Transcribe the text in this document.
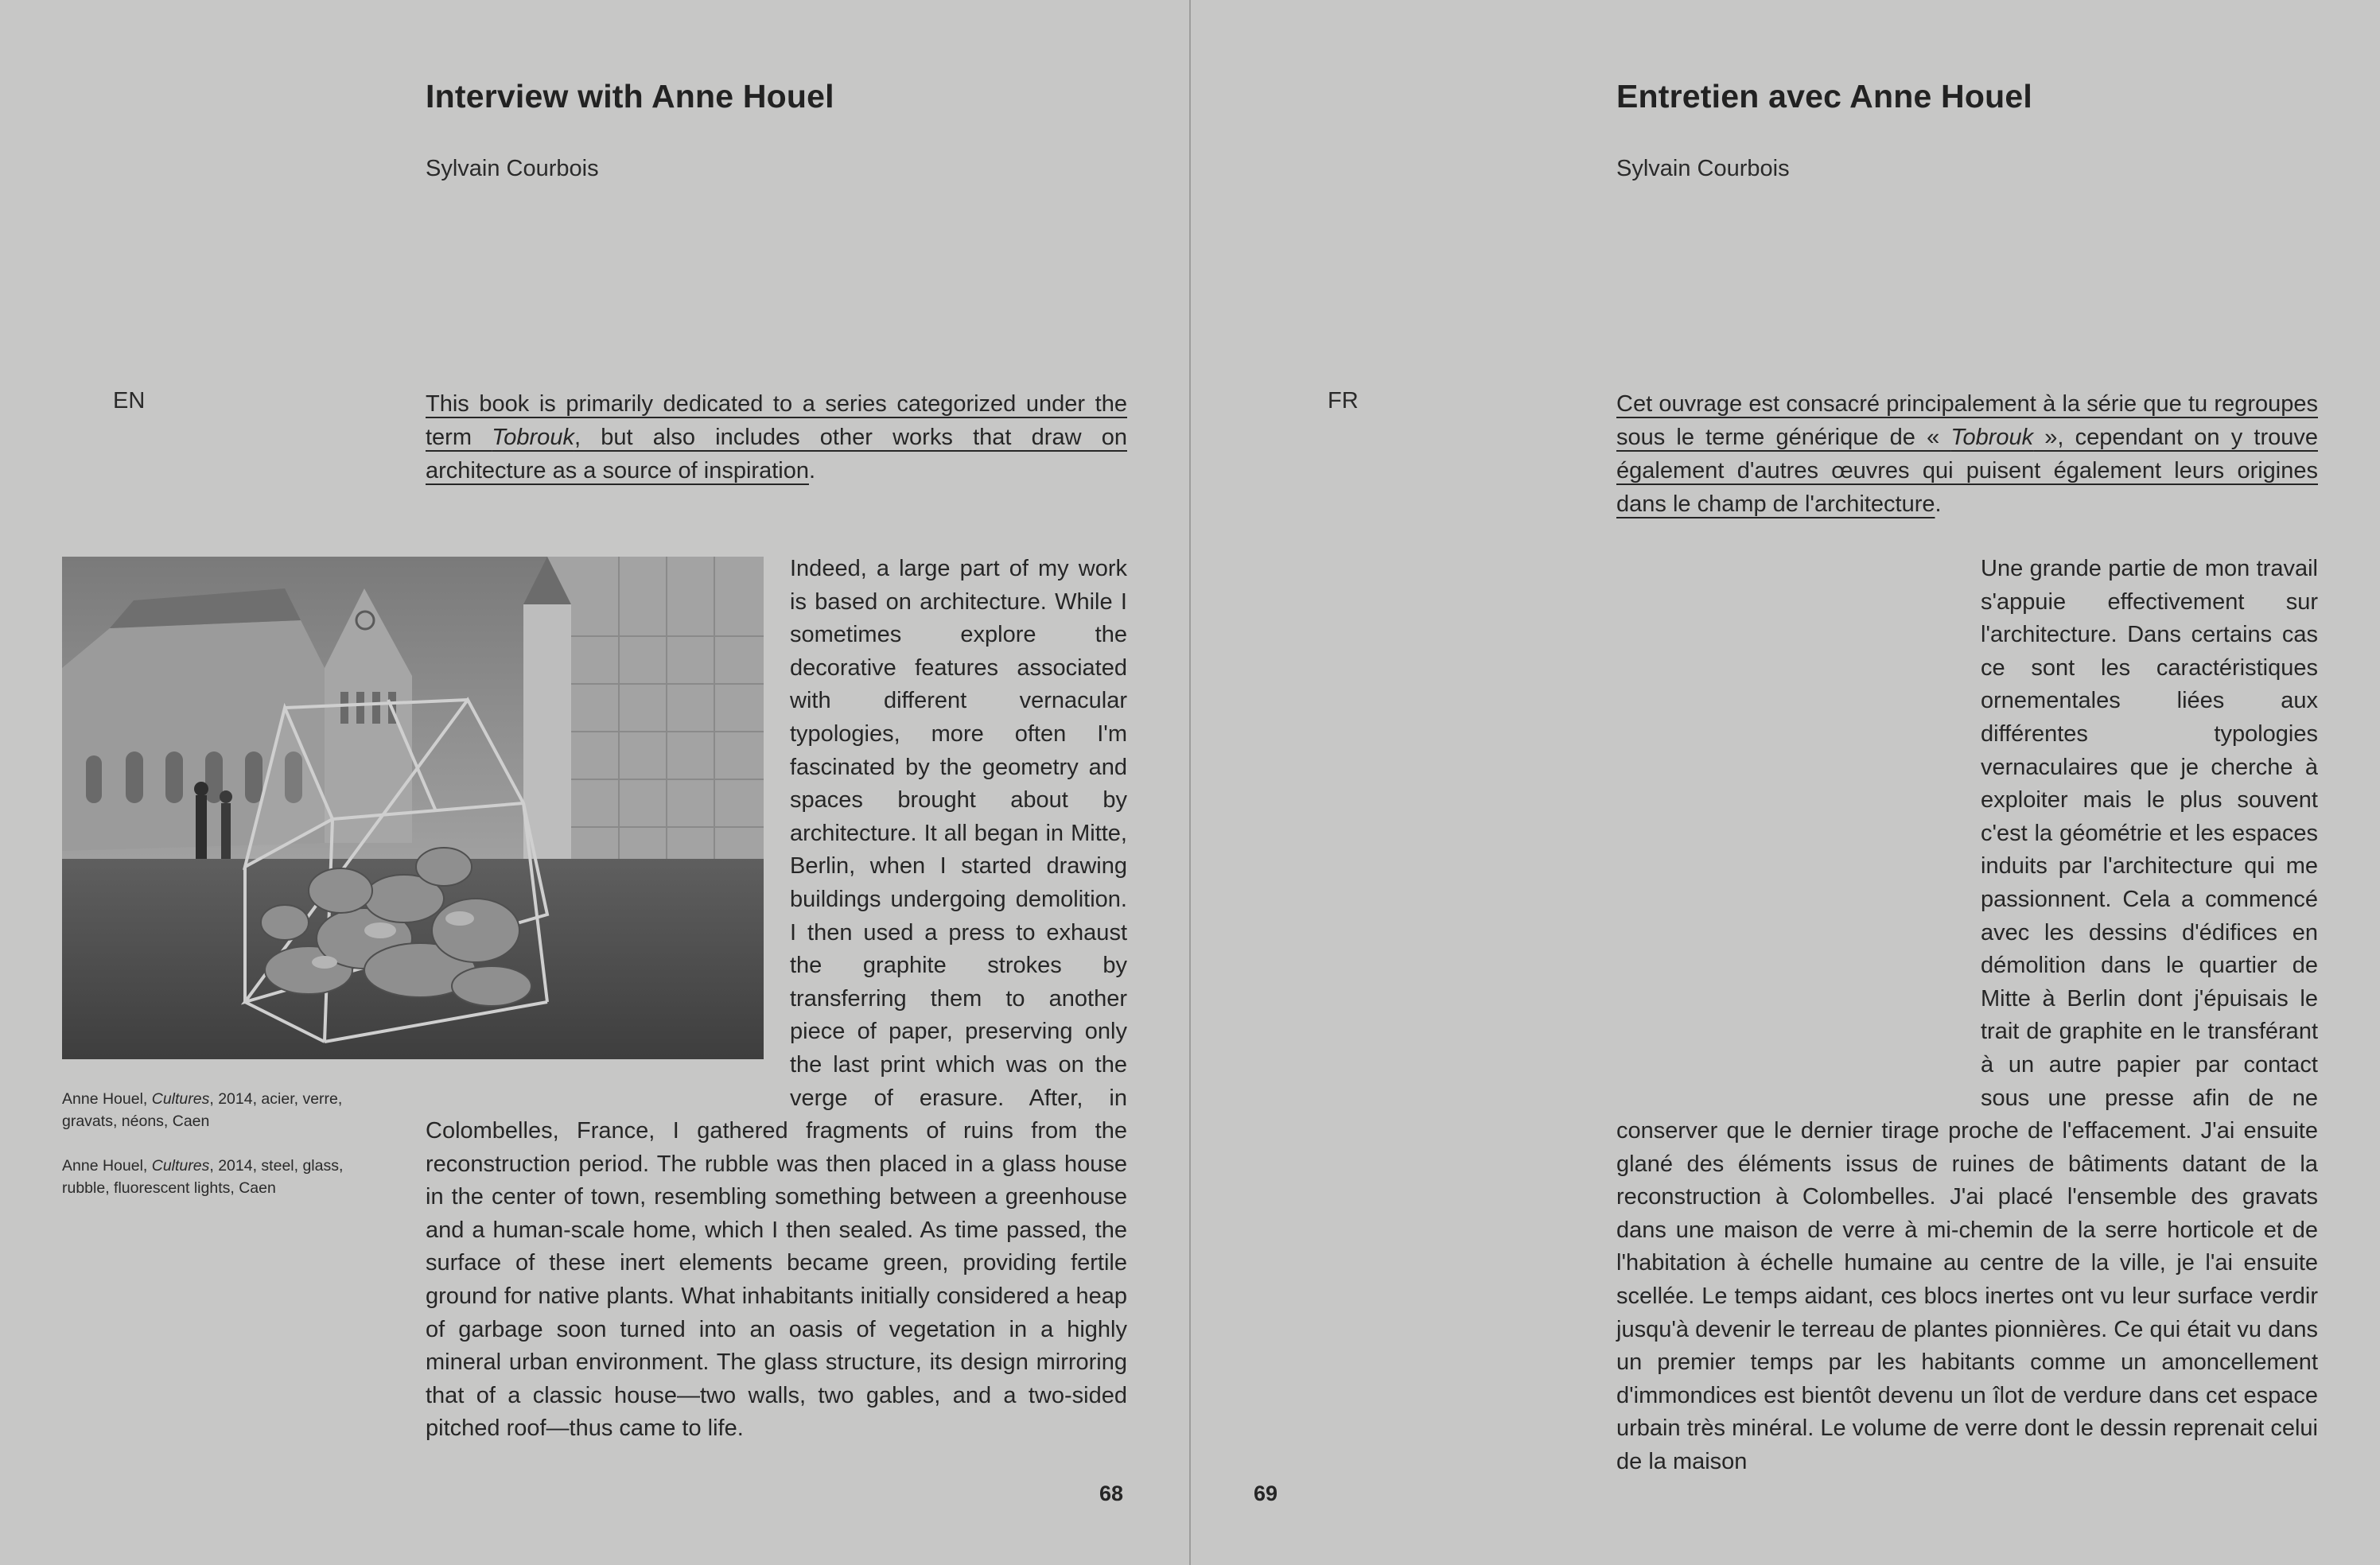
Interview with Anne Houel

Sylvain Courbois

EN	This book is primarily dedicated to a series categorized under the term Tobrouk, but also includes other works that draw on architecture as a source of inspiration.

Anne Houel, Cultures, 2014, acier, verre, gravats, néons, Caen

Anne Houel, Cultures, 2014, steel, glass, rubble, fluorescent lights, Caen

Indeed, a large part of my work is based on architecture. While I sometimes explore the decorative features associated with different vernacular typologies, more often I'm fascinated by the geometry and spaces brought about by architecture. It all began in Mitte, Berlin, when I started drawing buildings undergoing demolition. I then used a press to exhaust the graphite strokes by transferring them to another piece of paper, preserving only the last print which was on the verge of erasure. After, in Colombelles, France, I gathered fragments of ruins from the reconstruction period. The rubble was then placed in a glass house in the center of town, resembling something between a greenhouse and a human-scale home, which I then sealed. As time passed, the surface of these inert elements became green, providing fertile ground for native plants. What inhabitants initially considered a heap of garbage soon turned into an oasis of vegetation in a highly mineral urban environment. The glass structure, its design mirroring that of a classic house—two walls, two gables, and a two-sided pitched roof—thus came to life.

68

Entretien avec Anne Houel

Sylvain Courbois

FR	Cet ouvrage est consacré principalement à la série que tu regroupes sous le terme générique de « Tobrouk », cependant on y trouve également d'autres œuvres qui puisent également leurs origines dans le champ de l'architecture.

Une grande partie de mon travail s'appuie effectivement sur l'architecture. Dans certains cas ce sont les caractéristiques ornementales liées aux différentes typologies vernaculaires que je cherche à exploiter mais le plus souvent c'est la géométrie et les espaces induits par l'architecture qui me passionnent. Cela a commencé avec les dessins d'édifices en démolition dans le quartier de Mitte à Berlin dont j'épuisais le trait de graphite en le transférant à un autre papier par contact sous une presse afin de ne conserver que le dernier tirage proche de l'effacement. J'ai ensuite glané des éléments issus de ruines de bâtiments datant de la reconstruction à Colombelles. J'ai placé l'ensemble des gravats dans une maison de verre à mi-chemin de la serre horticole et de l'habitation à échelle humaine au centre de la ville, je l'ai ensuite scellée. Le temps aidant, ces blocs inertes ont vu leur surface verdir jusqu'à devenir le terreau de plantes pionnières. Ce qui était vu dans un premier temps par les habitants comme un amoncellement d'immondices est bientôt devenu un îlot de verdure dans cet espace urbain très minéral. Le volume de verre dont le dessin reprenait celui de la maison

69
